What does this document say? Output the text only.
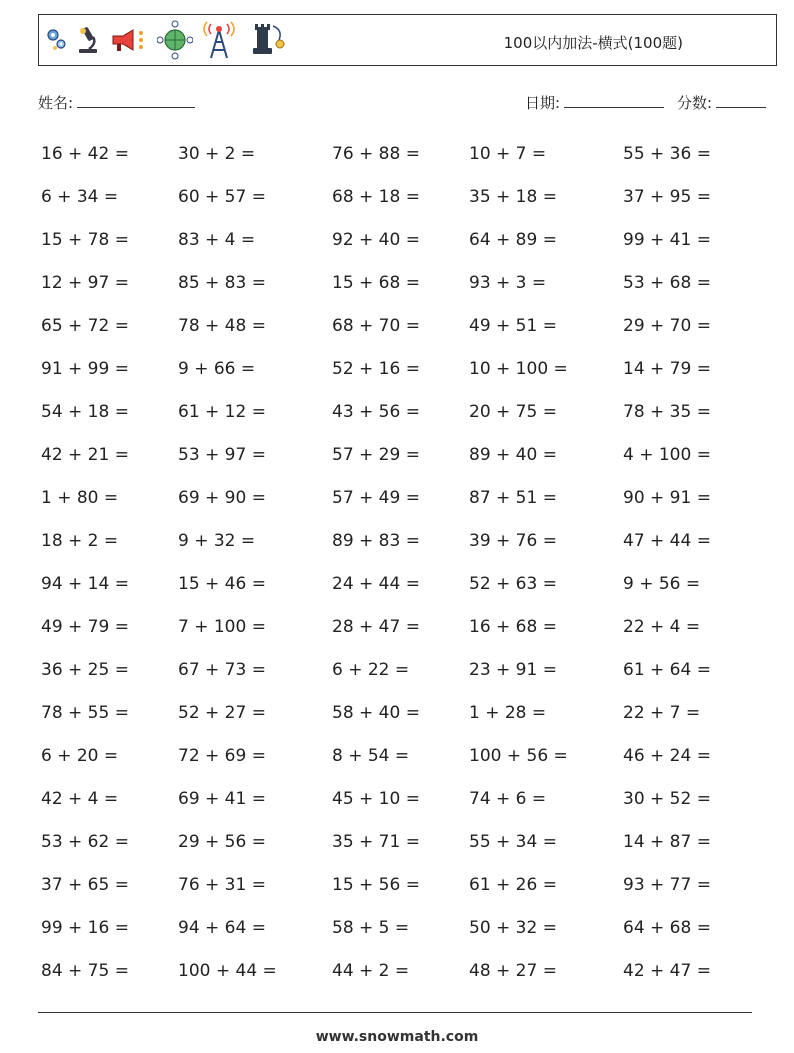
100以内加法-横式(100题)
姓名:	日期:	分数:
16 + 42 =	30 + 2 =	76 + 88 =	10 + 7 =	55 + 36 =
6 + 34 =	60 + 57 =	68 + 18 =	35 + 18 =	37 + 95 =
15 + 78 =	83 + 4 =	92 + 40 =	64 + 89 =	99 + 41 =
12 + 97 =	85 + 83 =	15 + 68 =	93 + 3 =	53 + 68 =
65 + 72 =	78 + 48 =	68 + 70 =	49 + 51 =	29 + 70 =
91 + 99 =	9 + 66 =	52 + 16 =	10 + 100 =	14 + 79 =
54 + 18 =	61 + 12 =	43 + 56 =	20 + 75 =	78 + 35 =
42 + 21 =	53 + 97 =	57 + 29 =	89 + 40 =	4 + 100 =
1 + 80 =	69 + 90 =	57 + 49 =	87 + 51 =	90 + 91 =
18 + 2 =	9 + 32 =	89 + 83 =	39 + 76 =	47 + 44 =
94 + 14 =	15 + 46 =	24 + 44 =	52 + 63 =	9 + 56 =
49 + 79 =	7 + 100 =	28 + 47 =	16 + 68 =	22 + 4 =
36 + 25 =	67 + 73 =	6 + 22 =	23 + 91 =	61 + 64 =
78 + 55 =	52 + 27 =	58 + 40 =	1 + 28 =	22 + 7 =
6 + 20 =	72 + 69 =	8 + 54 =	100 + 56 =	46 + 24 =
42 + 4 =	69 + 41 =	45 + 10 =	74 + 6 =	30 + 52 =
53 + 62 =	29 + 56 =	35 + 71 =	55 + 34 =	14 + 87 =
37 + 65 =	76 + 31 =	15 + 56 =	61 + 26 =	93 + 77 =
99 + 16 =	94 + 64 =	58 + 5 =	50 + 32 =	64 + 68 =
84 + 75 =	100 + 44 =	44 + 2 =	48 + 27 =	42 + 47 =
www.snowmath.com
